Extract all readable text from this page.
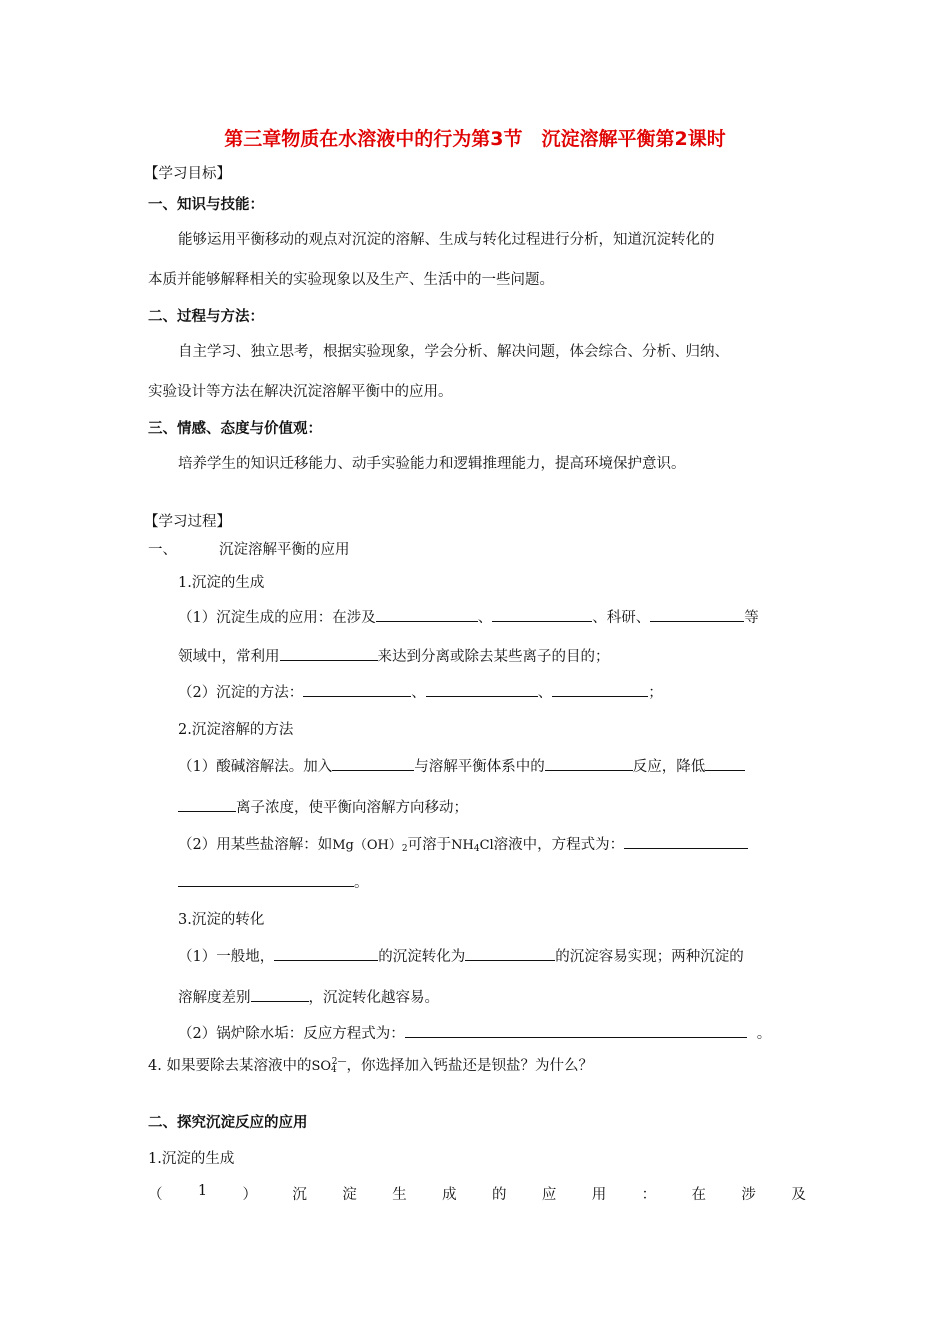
第三章物质在水溶液中的行为第3节　沉淀溶解平衡第2课时
【学习目标】
一、知识与技能：
能够运用平衡移动的观点对沉淀的溶解、生成与转化过程进行分析，知道沉淀转化的
本质并能够解释相关的实验现象以及生产、生活中的一些问题。
二、过程与方法：
自主学习、独立思考，根据实验现象，学会分析、解决问题，体会综合、分析、归纳、
实验设计等方法在解决沉淀溶解平衡中的应用。
三、情感、态度与价值观：
培养学生的知识迁移能力、动手实验能力和逻辑推理能力，提高环境保护意识。
【学习过程】
一、	沉淀溶解平衡的应用
1.沉淀的生成
（1）沉淀生成的应用：在涉及	、	、科研、	等
领域中，常利用	来达到分离或除去某些离子的目的；
（2）沉淀的方法：	、	、	；
2.沉淀溶解的方法
（1）酸碱溶解法。加入	与溶解平衡体系中的	反应，降低
离子浓度，使平衡向溶解方向移动；
（2）用某些盐溶解：如$Mg(OH)_2$可溶于$NH_4Cl$溶液中，方程式为：
。
3.沉淀的转化
（1）一般地，	的沉淀转化为	的沉淀容易实现；两种沉淀的
溶解度差别	，沉淀转化越容易。
（2）锅炉除水垢：反应方程式为：	。
4. 如果要除去某溶液中的$SO_4^{2—}$，你选择加入钙盐还是钡盐？为什么？
二、探究沉淀反应的应用
1.沉淀的生成
（ 1 ） 沉 淀 生 成 的 应 用 ： 在 涉 及
